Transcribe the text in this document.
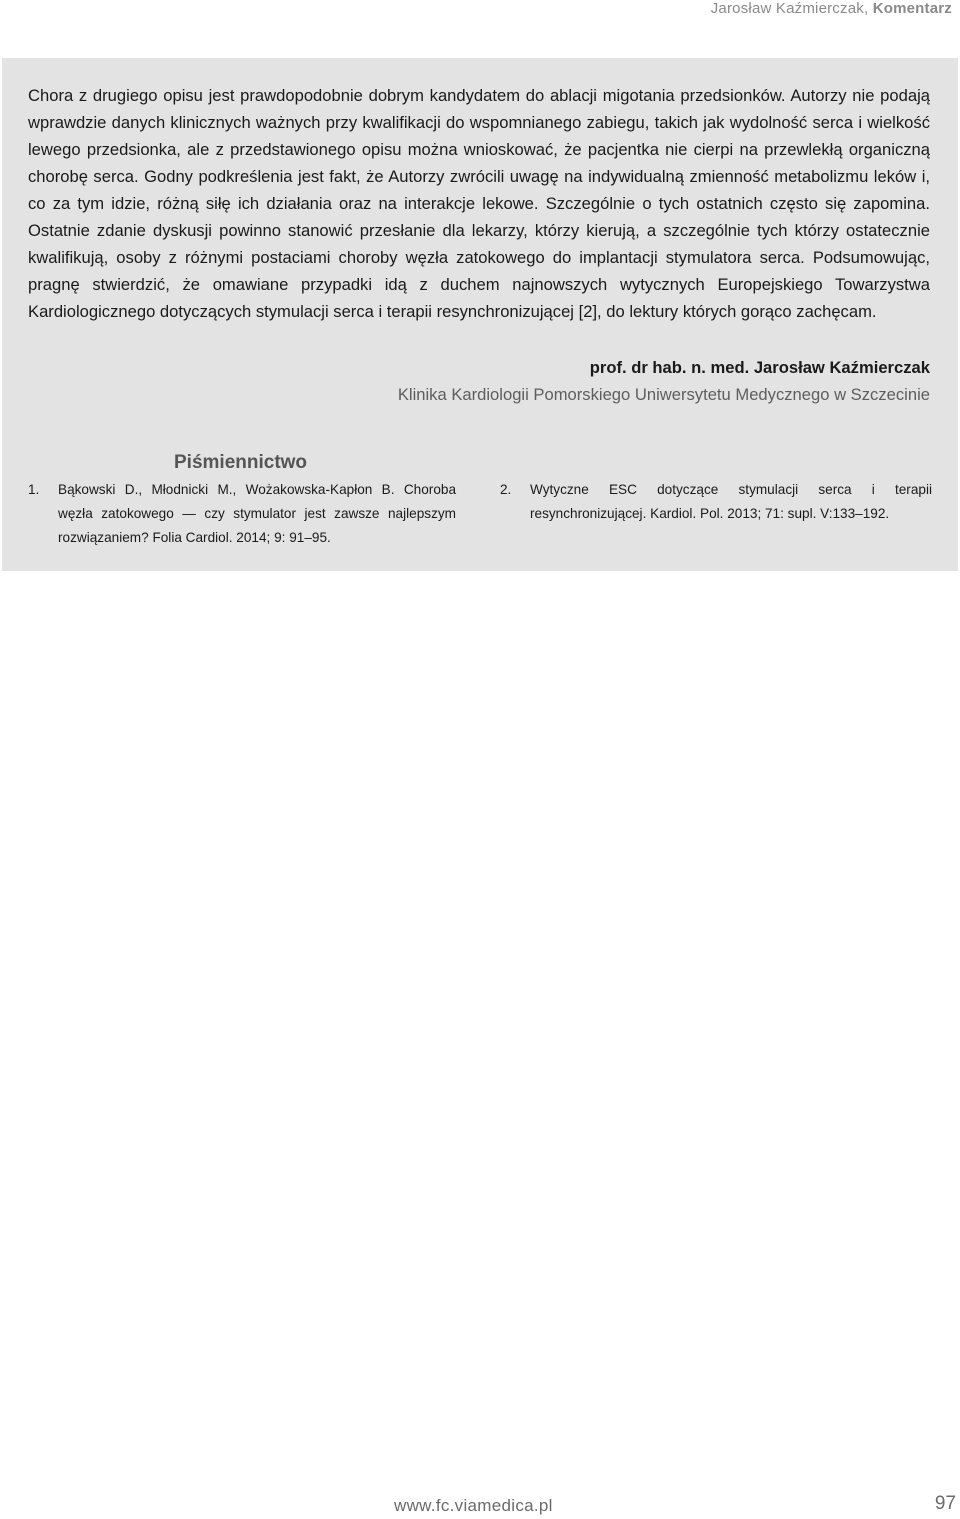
Jarosław Kaźmierczak, Komentarz

Chora z drugiego opisu jest prawdopodobnie dobrym kandydatem do ablacji migotania przedsionków. Autorzy nie podają wprawdzie danych klinicznych ważnych przy kwalifikacji do wspomnianego zabiegu, takich jak wydolność serca i wielkość lewego przedsionka, ale z przedstawionego opisu można wnioskować, że pacjentka nie cierpi na przewlekłą organiczną chorobę serca. Godny podkreślenia jest fakt, że Autorzy zwrócili uwagę na indywidualną zmienność metabolizmu leków i, co za tym idzie, różną siłę ich działania oraz na interakcje lekowe. Szczególnie o tych ostatnich często się zapomina. Ostatnie zdanie dyskusji powinno stanowić przesłanie dla lekarzy, którzy kierują, a szczególnie tych którzy ostatecznie kwalifikują, osoby z różnymi postaciami choroby węzła zatokowego do implantacji stymulatora serca. Podsumowując, pragnę stwierdzić, że omawiane przypadki idą z duchem najnowszych wytycznych Europejskiego Towarzystwa Kardiologicznego dotyczących stymulacji serca i terapii resynchronizującej [2], do lektury których gorąco zachęcam.

prof. dr hab. n. med. Jarosław Kaźmierczak
Klinika Kardiologii Pomorskiego Uniwersytetu Medycznego w Szczecinie
Piśmiennictwo
1. Bąkowski D., Młodnicki M., Wożakowska-Kapłon B. Choroba węzła zatokowego — czy stymulator jest zawsze najlepszym rozwiązaniem? Folia Cardiol. 2014; 9: 91–95.
2. Wytyczne ESC dotyczące stymulacji serca i terapii resynchronizującej. Kardiol. Pol. 2013; 71: supl. V:133–192.
www.fc.viamedica.pl	97
